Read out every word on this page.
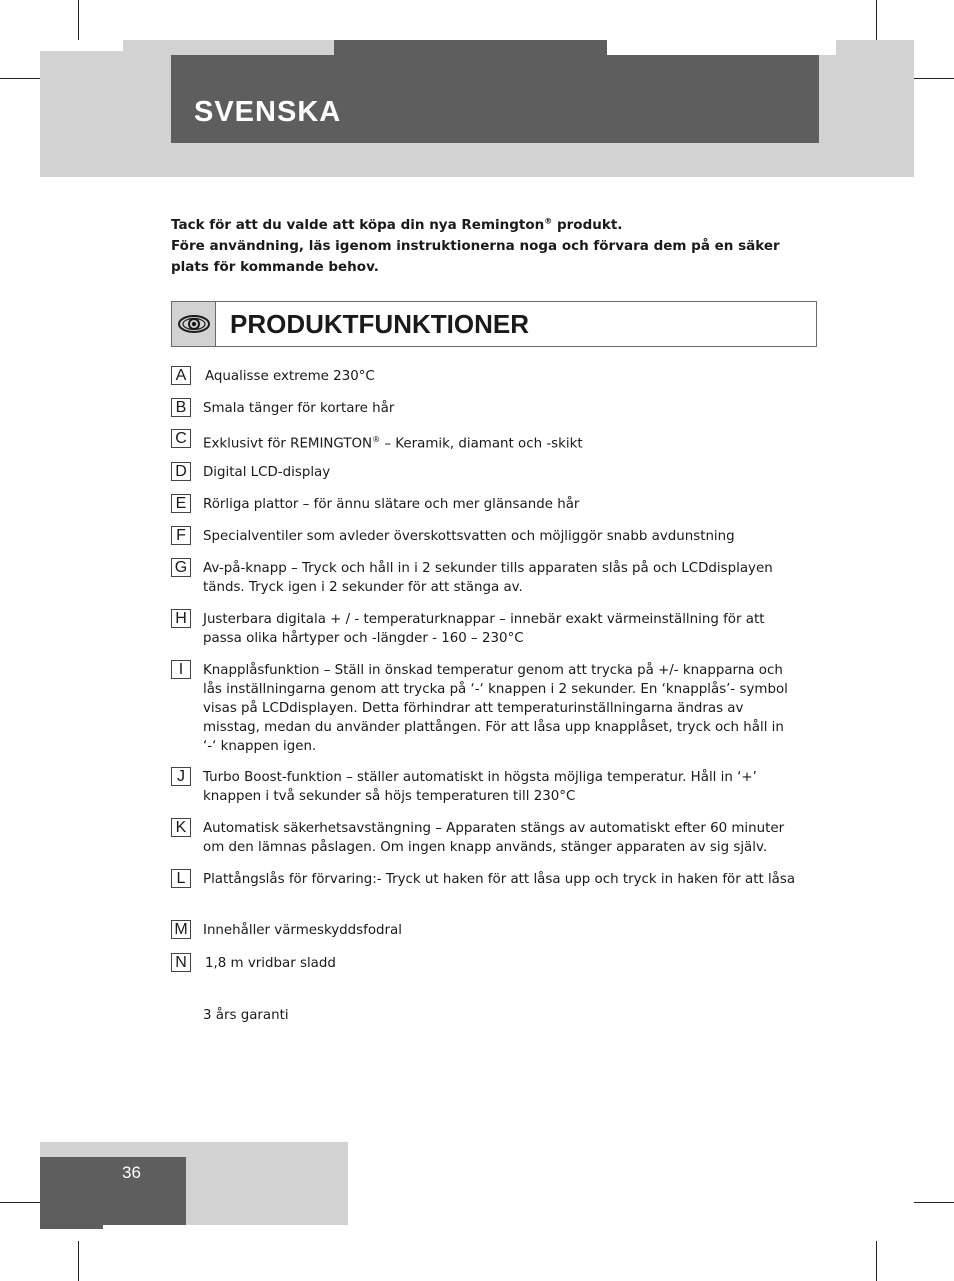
SVENSKA
Tack för att du valde att köpa din nya Remington® produkt.
Före användning, läs igenom instruktionerna noga och förvara dem på en säker plats för kommande behov.
PRODUKTFUNKTIONER
A	Aqualisse extreme 230°C
B	Smala tänger för kortare hår
C	Exklusivt för REMINGTON® – Keramik, diamant och -skikt
D	Digital LCD-display
E	Rörliga plattor – för ännu slätare och mer glänsande hår
F	Specialventiler som avleder överskottsvatten och möjliggör snabb avdunstning
G Av-på-knapp – Tryck och håll in i 2 sekunder tills apparaten slås på och LCDdisplayen tänds. Tryck igen i 2 sekunder för att stänga av.
H	Justerbara digitala + / - temperaturknappar – innebär exakt värmeinställning för att passa olika hårtyper och -längder - 160 – 230°C
I	Knapplåsfunktion – Ställ in önskad temperatur genom att trycka på +/- knapparna och lås inställningarna genom att trycka på ‘-‘ knappen i 2 sekunder. En ‘knapplås’- symbol visas på LCDdisplayen. Detta förhindrar att temperaturinställningarna ändras av misstag, medan du använder plattången. För att låsa upp knapplåset, tryck och håll in ‘-‘ knappen igen.
J	Turbo Boost-funktion – ställer automatiskt in högsta möjliga temperatur. Håll in ‘+’ knappen i två sekunder så höjs temperaturen till 230°C
K	Automatisk säkerhetsavstängning – Apparaten stängs av automatiskt efter 60 minuter om den lämnas påslagen. Om ingen knapp används, stänger apparaten av sig själv.
L	Plattångslås för förvaring:- Tryck ut haken för att låsa upp och tryck in haken för att låsa
M Innehåller värmeskyddsfodral
N	1,8 m vridbar sladd
3 års garanti
36
